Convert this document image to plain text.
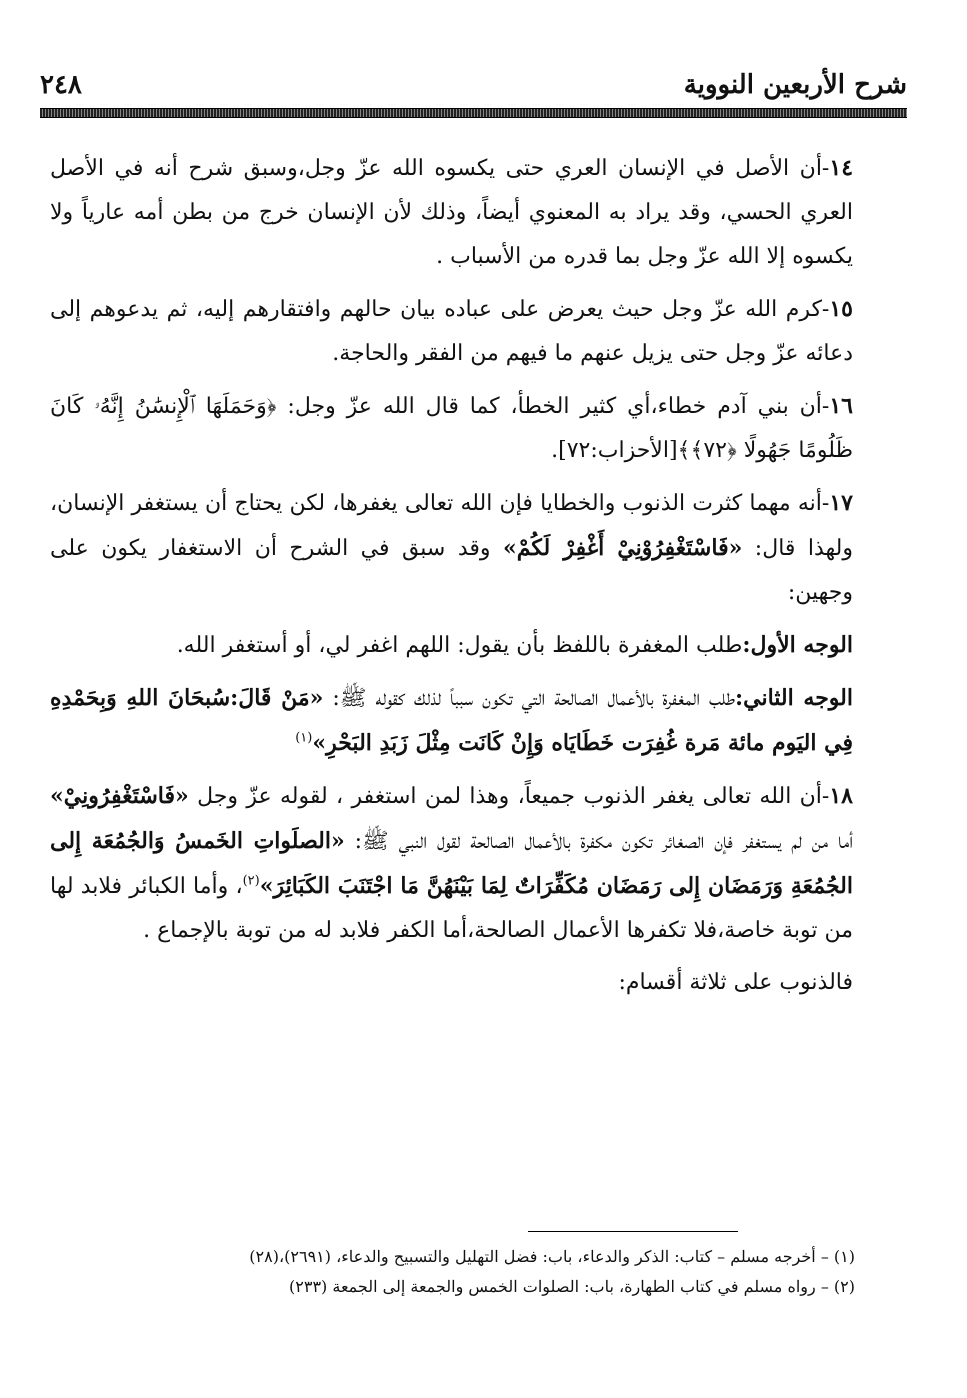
شرح الأربعين النووية
٢٤٨

١٤-أن الأصل في الإنسان العري حتى يكسوه الله عزّ وجل،وسبق شرح أنه في الأصل العري الحسي، وقد يراد به المعنوي أيضاً، وذلك لأن الإنسان خرج من بطن أمه عارياً ولا يكسوه إلا الله عزّ وجل بما قدره من الأسباب .

١٥-كرم الله عزّ وجل حيث يعرض على عباده بيان حالهم وافتقارهم إليه، ثم يدعوهم إلى دعائه عزّ وجل حتى يزيل عنهم ما فيهم من الفقر والحاجة.

١٦-أن بني آدم خطاء،أي كثير الخطأ، كما قال الله عزّ وجل: ﴿وَحَمَلَهَا ٱلْإِنسَٰنُ إِنَّهُۥ كَانَ ظَلُومًا جَهُولًا ﴿٧٢﴾﴾[الأحزاب:٧٢].

١٧-أنه مهما كثرت الذنوب والخطايا فإن الله تعالى يغفرها، لكن يحتاج أن يستغفر الإنسان، ولهذا قال: «فَاسْتَغْفِرُوْنِيْ أَغْفِرْ لَكُمْ» وقد سبق في الشرح أن الاستغفار يكون على وجهين:

الوجه الأول:طلب المغفرة باللفظ بأن يقول: اللهم اغفر لي، أو أستغفر الله.

الوجه الثاني:طلب المغفرة بالأعمال الصالحة التي تكون سبباً لذلك كقوله ﷺ: «مَنْ قَالَ:سُبحَانَ اللهِ وَبِحَمْدِهِ فِي اليَوم مائة مَرة غُفِرَت خَطَايَاه وَإِنْ كَانَت مِثْلَ زَبَدِ البَحْرِ»$^{(١)}$

١٨-أن الله تعالى يغفر الذنوب جميعاً، وهذا لمن استغفر ، لقوله عزّ وجل «فَاسْتَغْفِرُونِيْ» أما من لم يستغفر فإن الصغائر تكون مكفرة بالأعمال الصالحة لقول النبي ﷺ: «الصلَواتِ الخَمسُ وَالجُمُعَة إِلى الجُمُعَةِ وَرَمَضَان إِلى رَمَضَان مُكَفِّرَاتٌ لِمَا بَيْنَهُنَّ مَا اجْتَنَبَ الكَبَائِرَ»$^{(٢)}$، وأما الكبائر فلابد لها من توبة خاصة،فلا تكفرها الأعمال الصالحة،أما الكفر فلابد له من توبة بالإجماع .

فالذنوب على ثلاثة أقسام:

(١) – أخرجه مسلم – كتاب: الذكر والدعاء، باب: فضل التهليل والتسبيح والدعاء، (٢٦٩١)،(٢٨)

(٢) – رواه مسلم في كتاب الطهارة، باب: الصلوات الخمس والجمعة إلى الجمعة (٢٣٣)
